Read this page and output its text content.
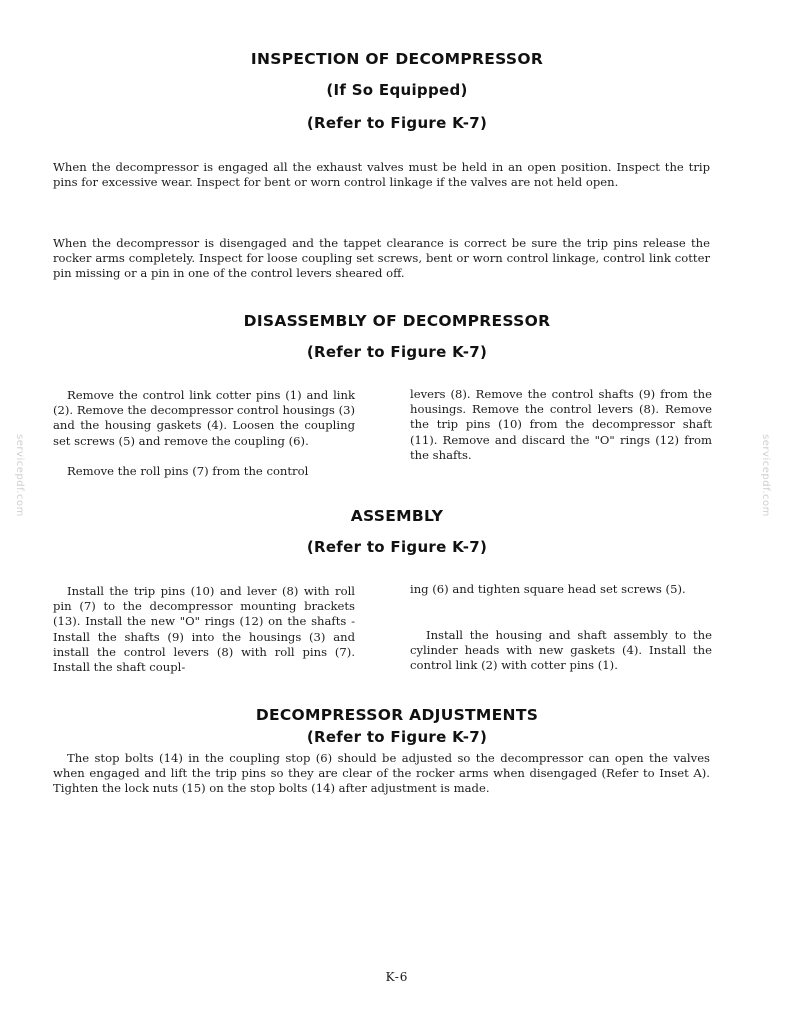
INSPECTION OF DECOMPRESSOR
(If So Equipped)
(Refer to Figure K-7)

When the decompressor is engaged all the exhaust valves must be held in an open position. Inspect the trip pins for excessive wear. Inspect for bent or worn control linkage if the valves are not held open.

When the decompressor is disengaged and the tappet clearance is correct be sure the trip pins release the rocker arms completely. Inspect for loose coupling set screws, bent or worn control linkage, control link cotter pin missing or a pin in one of the control levers sheared off.

DISASSEMBLY OF DECOMPRESSOR
(Refer to Figure K-7)

Remove the control link cotter pins (1) and link (2). Remove the decompressor control housings (3) and the housing gaskets (4). Loosen the coupling set screws (5) and remove the coupling (6).

Remove the roll pins (7) from the control

levers (8). Remove the control shafts (9) from the housings. Remove the control levers (8). Remove the trip pins (10) from the decompressor shaft (11). Remove and discard the "O" rings (12) from the shafts.

ASSEMBLY
(Refer to Figure K-7)

Install the trip pins (10) and lever (8) with roll pin (7) to the decompressor mounting brackets (13). Install the new "O" rings (12) on the shafts - Install the shafts (9) into the housings (3) and install the control levers (8) with roll pins (7). Install the shaft coupl-

ing (6) and tighten square head set screws (5).

Install the housing and shaft assembly to the cylinder heads with new gaskets (4). Install the control link (2) with cotter pins (1).

DECOMPRESSOR ADJUSTMENTS
(Refer to Figure K-7)

The stop bolts (14) in the coupling stop (6) should be adjusted so the decompressor can open the valves when engaged and lift the trip pins so they are clear of the rocker arms when disengaged (Refer to Inset A). Tighten the lock nuts (15) on the stop bolts (14) after adjustment is made.

servicepdf.com	servicepdf.com
K-6
